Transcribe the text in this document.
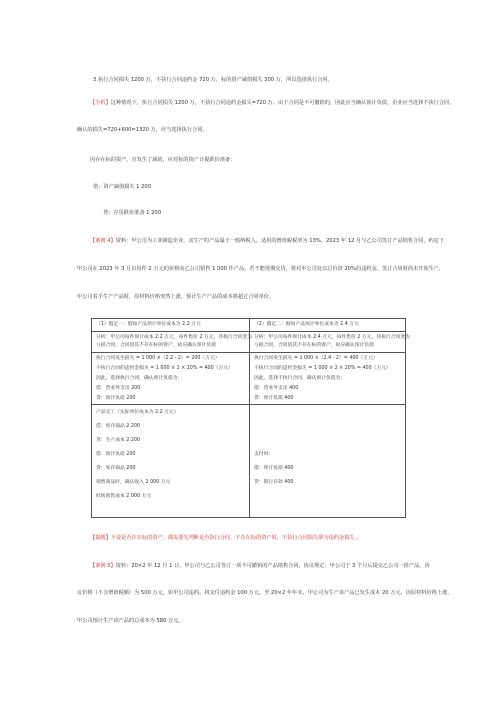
3.执行合同损失 1200 万，不执行合同违约金 720 万，标的资产减值损失 300 万，所以选择执行合同。
【分析】这种情况下，执行合同损失 1200 万，不执行合同违约金损失=720 万。由于合同是不可撤销的，因此应当确认预计负债，企业应当选择不执行合同，
确认的损失=720+600=1320 万，应当选择执行合同。
因存在标的资产，且发生了减值，应对标的资产计提跌价准备：
借：资产减值损失 1 200
贷：存货跌价准备 1 200
【案例 4】资料：甲公司为工业制造企业，其生产的产品属于一般纳税人，适用的增值税税率为 13%。2023 年 12 月与乙公司签订产品销售合同，约定下
甲公司在 2023 年 3 月以每件 2 万元的价格向乙公司销售 1 000 件产品，若不能按期交货，将对甲公司处以总价款 20%的违约金。签订合同时尚未开始生产，
甲公司着手生产产品时，原材料价格突然上涨，预计生产产品的成本将超过合同单价。
（1）假定一：假如产品预计单位成本为 2.2 万元	（2）假定二：假如产品预计单位成本为 2.4 万元
分析：甲公司每件预计成本 2.2 万元，每件售价 2 万元，待执行合同变为
亏损合同，合同因其不存在标的资产，故应确认预计负债
分析：甲公司每件预计成本 2.4 万元，每件售价 2 万元，待执行合同变为
亏损合同，合同因其不存在标的资产，故应确认预计负债
执行合同发生损失 = 1 000 ×（2.2 - 2）= 200（万元）
不执行合同的违约金损失 = 1 000 × 2 × 20% = 400（万元）
因此，选择执行合同，确认预计负债为：
借：营业外支出 200
贷：预计负债 200
执行合同发生损失 = 1 000 ×（2.4 - 2）= 400（万元）
不执行合同的违约金损失 = 1 000 × 2 × 20% = 400（万元）
因此，选择不执行合同，确认预计负债为：
借：营业外支出 400
贷：预计负债 400
产品完工（实际单位成本为 2.2 万元）
借：库存商品 2 200
贷：生产成本 2 200
借：预计负债 200
贷：库存商品 200
销售商品时，确认收入 2 000 万元
结转销售成本 2 000 万元
支付时：
借：预计负债 400
贷：银行存款 400
【提醒】不要是否存在标的资产，都需要先判断是否执行合同，不存在标的资产时，不执行合同损失即为违约金损失 。
【案例 5】资料：20×2 年 12 月 1 日，甲公司与乙公司签订一项不可撤销的产品销售合同，协议规定：甲公司于 3 个月后提交乙公司一批产品，协
议价格（不含增值税额）为 500 万元，如甲公司违约，将支付违约金 100 万元。至 20×2 年年末，甲公司为生产该产品已发生成本 20 万元，因原材料价格上涨，
甲公司预计生产该产品的总成本为 580 万元。
